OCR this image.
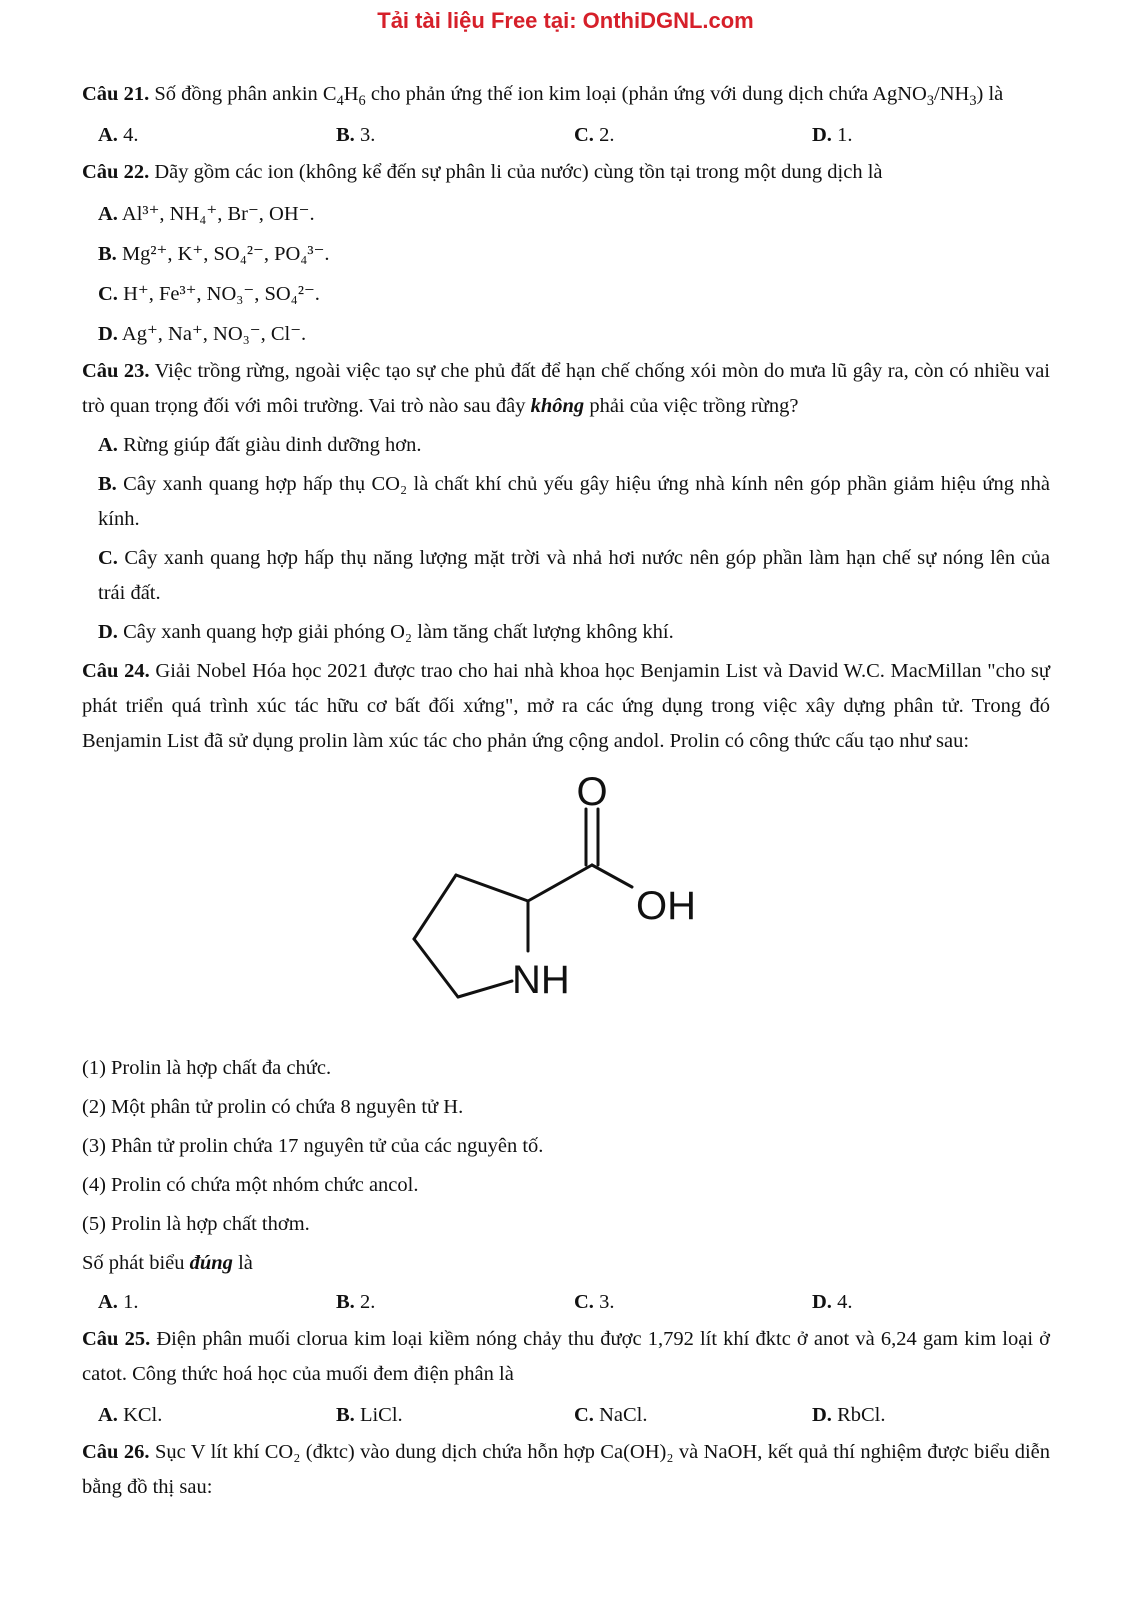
Tải tài liệu Free tại: OnthiDGNL.com
Câu 21. Số đồng phân ankin $C_4H_6$ cho phản ứng thế ion kim loại (phản ứng với dung dịch chứa $AgNO_3/NH_3$) là
A. 4.	B. 3.	C. 2.	D. 1.
Câu 22. Dãy gồm các ion (không kể đến sự phân li của nước) cùng tồn tại trong một dung dịch là
A. Al³⁺, NH₄⁺, Br⁻, OH⁻.
B. Mg²⁺, K⁺, SO₄²⁻, PO₄³⁻.
C. H⁺, Fe³⁺, NO₃⁻, SO₄²⁻.
D. Ag⁺, Na⁺, NO₃⁻, Cl⁻.
Câu 23. Việc trồng rừng, ngoài việc tạo sự che phủ đất để hạn chế chống xói mòn do mưa lũ gây ra, còn có nhiều vai trò quan trọng đối với môi trường. Vai trò nào sau đây không phải của việc trồng rừng?
A. Rừng giúp đất giàu dinh dưỡng hơn.
B. Cây xanh quang hợp hấp thụ CO₂ là chất khí chủ yếu gây hiệu ứng nhà kính nên góp phần giảm hiệu ứng nhà kính.
C. Cây xanh quang hợp hấp thụ năng lượng mặt trời và nhả hơi nước nên góp phần làm hạn chế sự nóng lên của trái đất.
D. Cây xanh quang hợp giải phóng O₂ làm tăng chất lượng không khí.
Câu 24. Giải Nobel Hóa học 2021 được trao cho hai nhà khoa học Benjamin List và David W.C. MacMillan "cho sự phát triển quá trình xúc tác hữu cơ bất đối xứng", mở ra các ứng dụng trong việc xây dựng phân tử. Trong đó Benjamin List đã sử dụng prolin làm xúc tác cho phản ứng cộng andol. Prolin có công thức cấu tạo như sau:
O
OH
NH
(1) Prolin là hợp chất đa chức.
(2) Một phân tử prolin có chứa 8 nguyên tử H.
(3) Phân tử prolin chứa 17 nguyên tử của các nguyên tố.
(4) Prolin có chứa một nhóm chức ancol.
(5) Prolin là hợp chất thơm.
Số phát biểu đúng là
A. 1.	B. 2.	C. 3.	D. 4.
Câu 25. Điện phân muối clorua kim loại kiềm nóng chảy thu được 1,792 lít khí đktc ở anot và 6,24 gam kim loại ở catot. Công thức hoá học của muối đem điện phân là
A. KCl.	B. LiCl.	C. NaCl.	D. RbCl.
Câu 26. Sục V lít khí CO₂ (đktc) vào dung dịch chứa hỗn hợp Ca(OH)₂ và NaOH, kết quả thí nghiệm được biểu diễn bằng đồ thị sau:
